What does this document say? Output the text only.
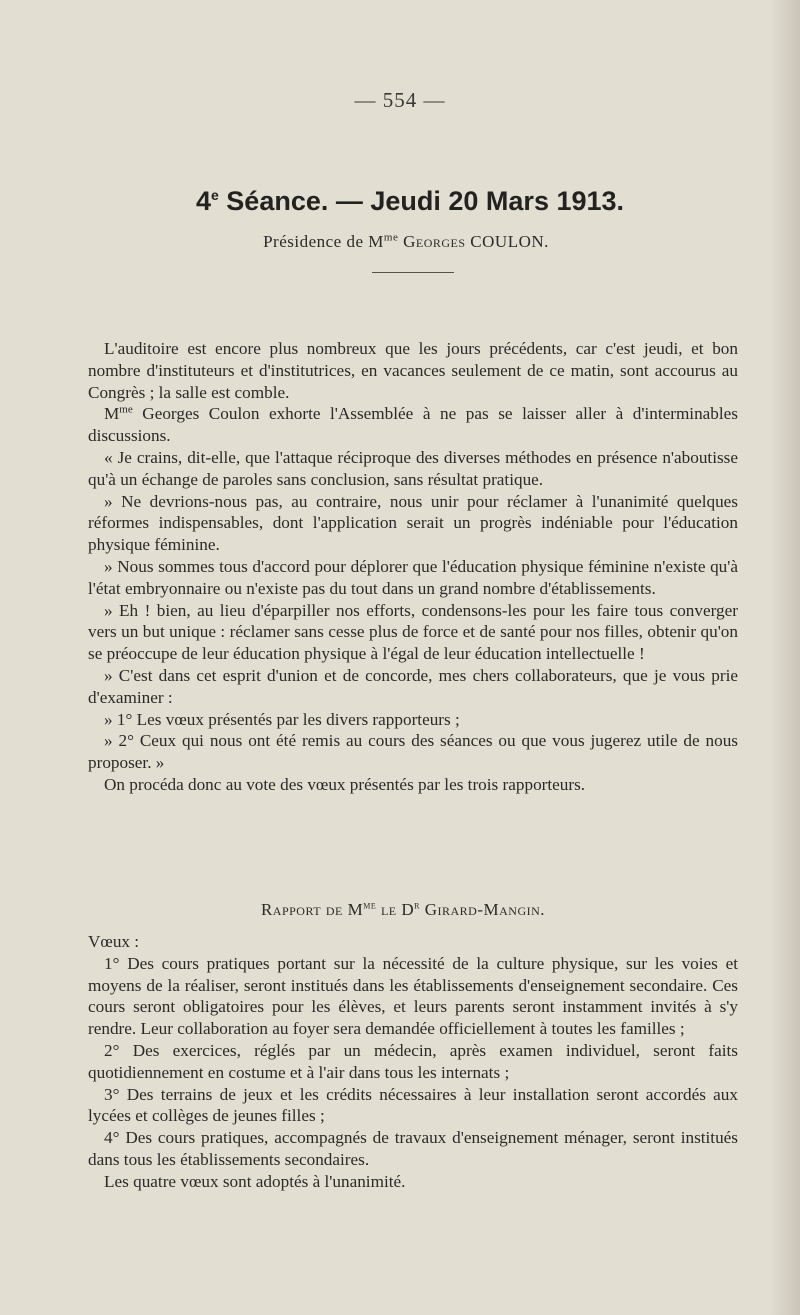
— 554 —
4e Séance. — Jeudi 20 Mars 1913.
Présidence de $M^{me}$ Georges COULON.

L'auditoire est encore plus nombreux que les jours précédents, car c'est jeudi, et bon nombre d'instituteurs et d'institutrices, en vacances seulement de ce matin, sont accourus au Congrès ; la salle est comble.

$M^{me}$ Georges Coulon exhorte l'Assemblée à ne pas se laisser aller à d'interminables discussions.

« Je crains, dit-elle, que l'attaque réciproque des diverses méthodes en présence n'aboutisse qu'à un échange de paroles sans conclusion, sans résultat pratique.

» Ne devrions-nous pas, au contraire, nous unir pour réclamer à l'unanimité quelques réformes indispensables, dont l'application serait un progrès indéniable pour l'éducation physique féminine.

» Nous sommes tous d'accord pour déplorer que l'éducation physique féminine n'existe qu'à l'état embryonnaire ou n'existe pas du tout dans un grand nombre d'établissements.

» Eh ! bien, au lieu d'éparpiller nos efforts, condensons-les pour les faire tous converger vers un but unique : réclamer sans cesse plus de force et de santé pour nos filles, obtenir qu'on se préoccupe de leur éducation physique à l'égal de leur éducation intellectuelle !

» C'est dans cet esprit d'union et de concorde, mes chers collaborateurs, que je vous prie d'examiner :

» 1° Les vœux présentés par les divers rapporteurs ;

» 2° Ceux qui nous ont été remis au cours des séances ou que vous jugerez utile de nous proposer. »

On procéda donc au vote des vœux présentés par les trois rapporteurs.

Rapport de $M^{me}$ le $D^r$ Girard-Mangin.

Vœux :

1° Des cours pratiques portant sur la nécessité de la culture physique, sur les voies et moyens de la réaliser, seront institués dans les établissements d'enseignement secondaire. Ces cours seront obligatoires pour les élèves, et leurs parents seront instamment invités à s'y rendre. Leur collaboration au foyer sera demandée officiellement à toutes les familles ;

2° Des exercices, réglés par un médecin, après examen individuel, seront faits quotidiennement en costume et à l'air dans tous les internats ;

3° Des terrains de jeux et les crédits nécessaires à leur installation seront accordés aux lycées et collèges de jeunes filles ;

4° Des cours pratiques, accompagnés de travaux d'enseignement ménager, seront institués dans tous les établissements secondaires.

Les quatre vœux sont adoptés à l'unanimité.
